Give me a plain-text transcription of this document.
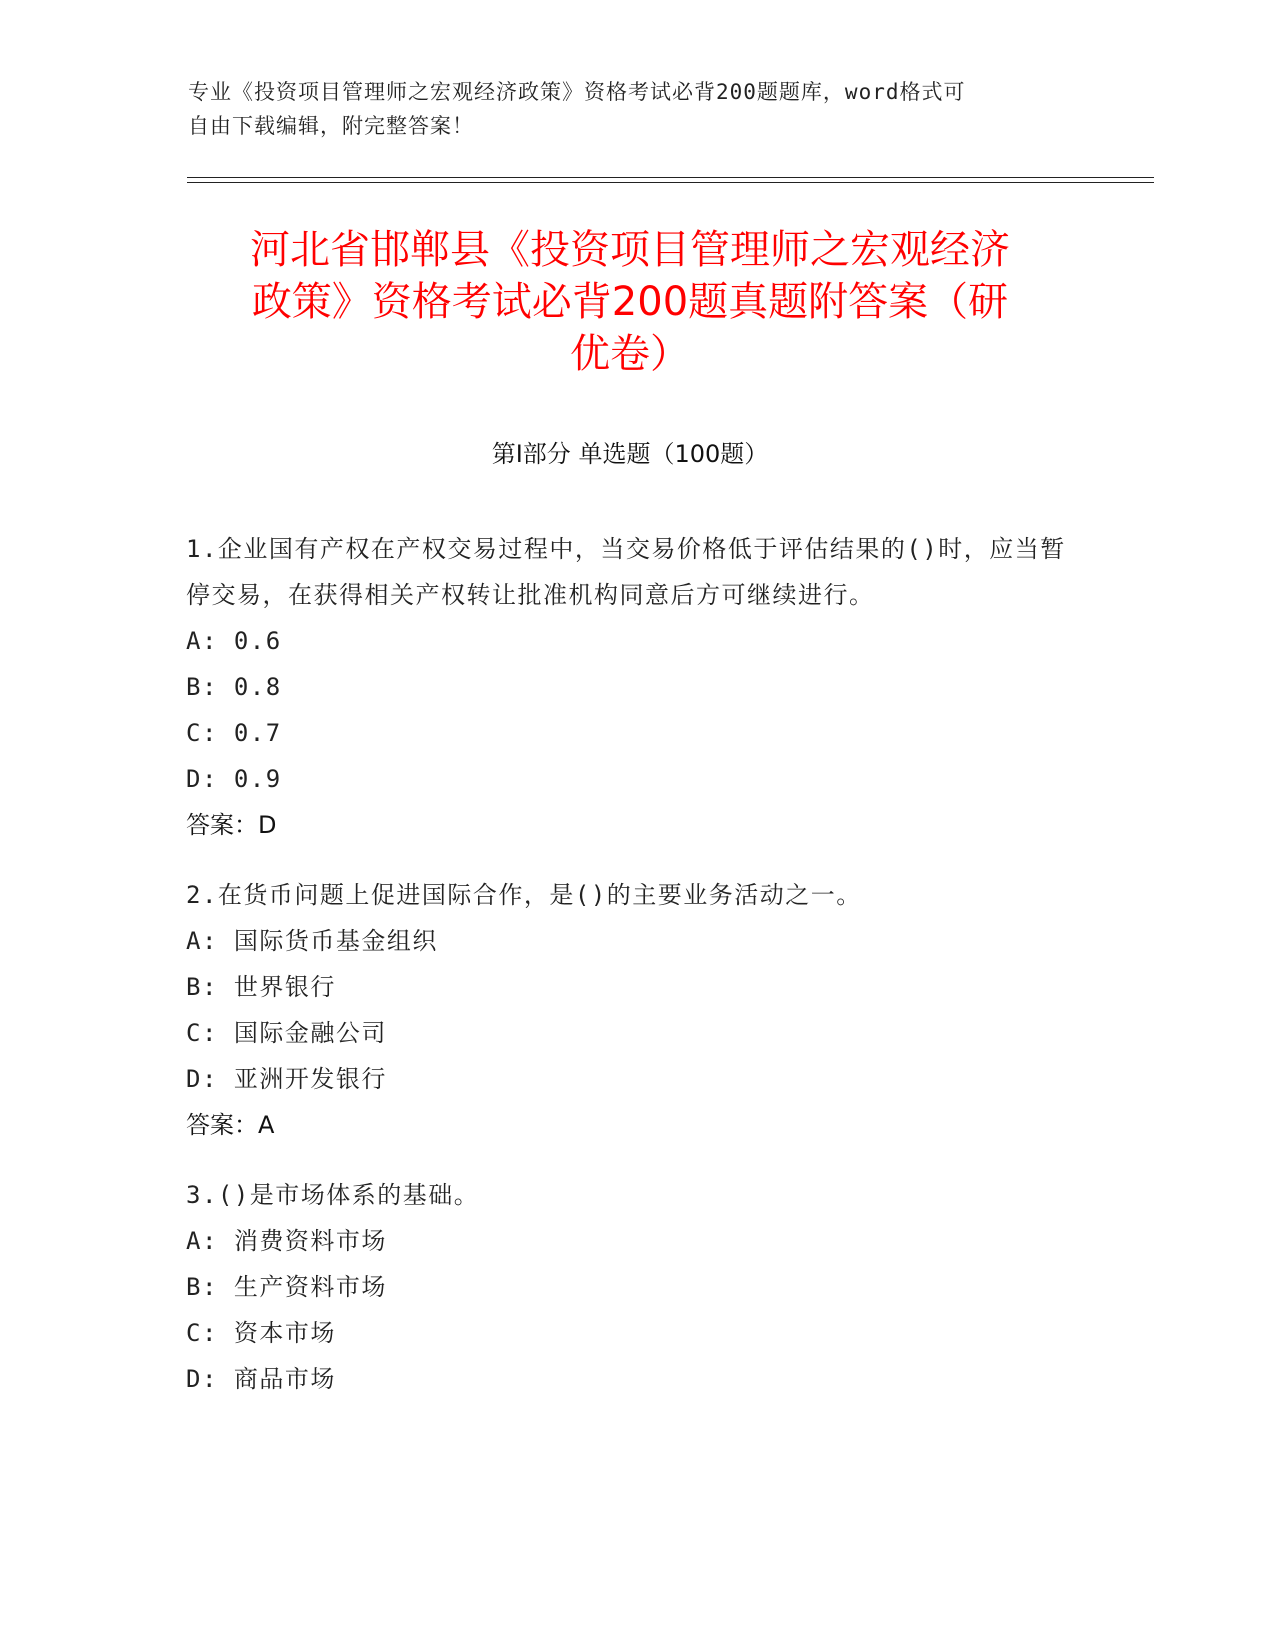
专业《投资项目管理师之宏观经济政策》资格考试必背200题题库，word格式可
自由下载编辑，附完整答案！
河北省邯郸县《投资项目管理师之宏观经济
政策》资格考试必背200题真题附答案（研
优卷）
第Ⅰ部分 单选题（100题）
1.企业国有产权在产权交易过程中，当交易价格低于评估结果的()时，应当暂停交易，在获得相关产权转让批准机构同意后方可继续进行。
A: 0.6
B: 0.8
C: 0.7
D: 0.9
答案：D
2.在货币问题上促进国际合作，是()的主要业务活动之一。
A: 国际货币基金组织
B: 世界银行
C: 国际金融公司
D: 亚洲开发银行
答案：A
3.()是市场体系的基础。
A: 消费资料市场
B: 生产资料市场
C: 资本市场
D: 商品市场
